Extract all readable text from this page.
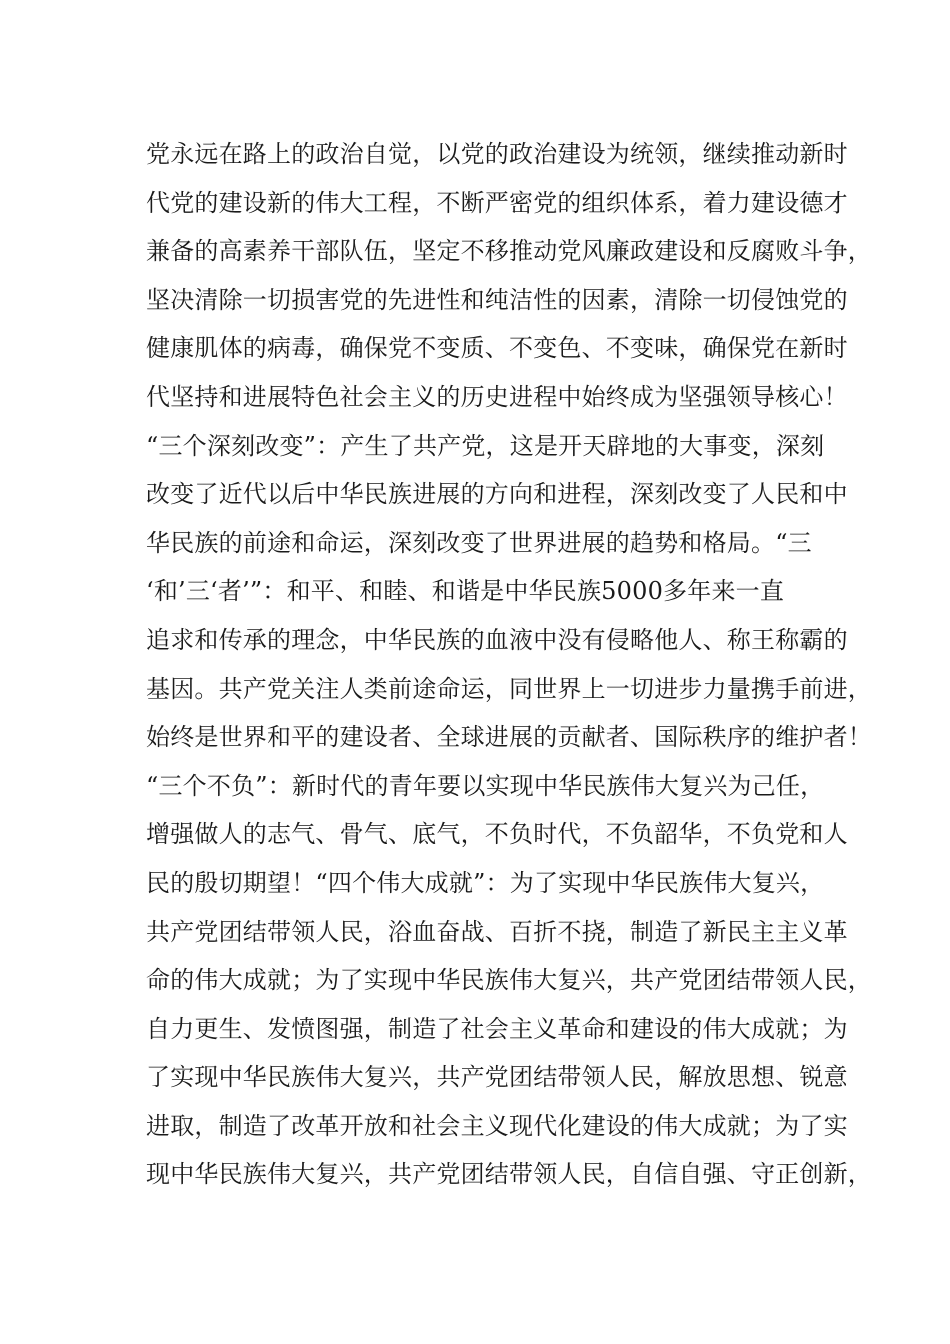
党永远在路上的政治自觉，以党的政治建设为统领，继续推动新时
代党的建设新的伟大工程，不断严密党的组织体系，着力建设德才
兼备的高素养干部队伍，坚定不移推动党风廉政建设和反腐败斗争，
坚决清除一切损害党的先进性和纯洁性的因素，清除一切侵蚀党的
健康肌体的病毒，确保党不变质、不变色、不变味，确保党在新时
代坚持和进展特色社会主义的历史进程中始终成为坚强领导核心！
“三个深刻改变”：产生了共产党，这是开天辟地的大事变，深刻
改变了近代以后中华民族进展的方向和进程，深刻改变了人民和中
华民族的前途和命运，深刻改变了世界进展的趋势和格局。“三
‘和’三‘者’”：和平、和睦、和谐是中华民族5000多年来一直
追求和传承的理念，中华民族的血液中没有侵略他人、称王称霸的
基因。共产党关注人类前途命运，同世界上一切进步力量携手前进，
始终是世界和平的建设者、全球进展的贡献者、国际秩序的维护者！
“三个不负”：新时代的青年要以实现中华民族伟大复兴为己任，
增强做人的志气、骨气、底气，不负时代，不负韶华，不负党和人
民的殷切期望！“四个伟大成就”：为了实现中华民族伟大复兴，
共产党团结带领人民，浴血奋战、百折不挠，制造了新民主主义革
命的伟大成就；为了实现中华民族伟大复兴，共产党团结带领人民，
自力更生、发愤图强，制造了社会主义革命和建设的伟大成就；为
了实现中华民族伟大复兴，共产党团结带领人民，解放思想、锐意
进取，制造了改革开放和社会主义现代化建设的伟大成就；为了实
现中华民族伟大复兴，共产党团结带领人民，自信自强、守正创新，
